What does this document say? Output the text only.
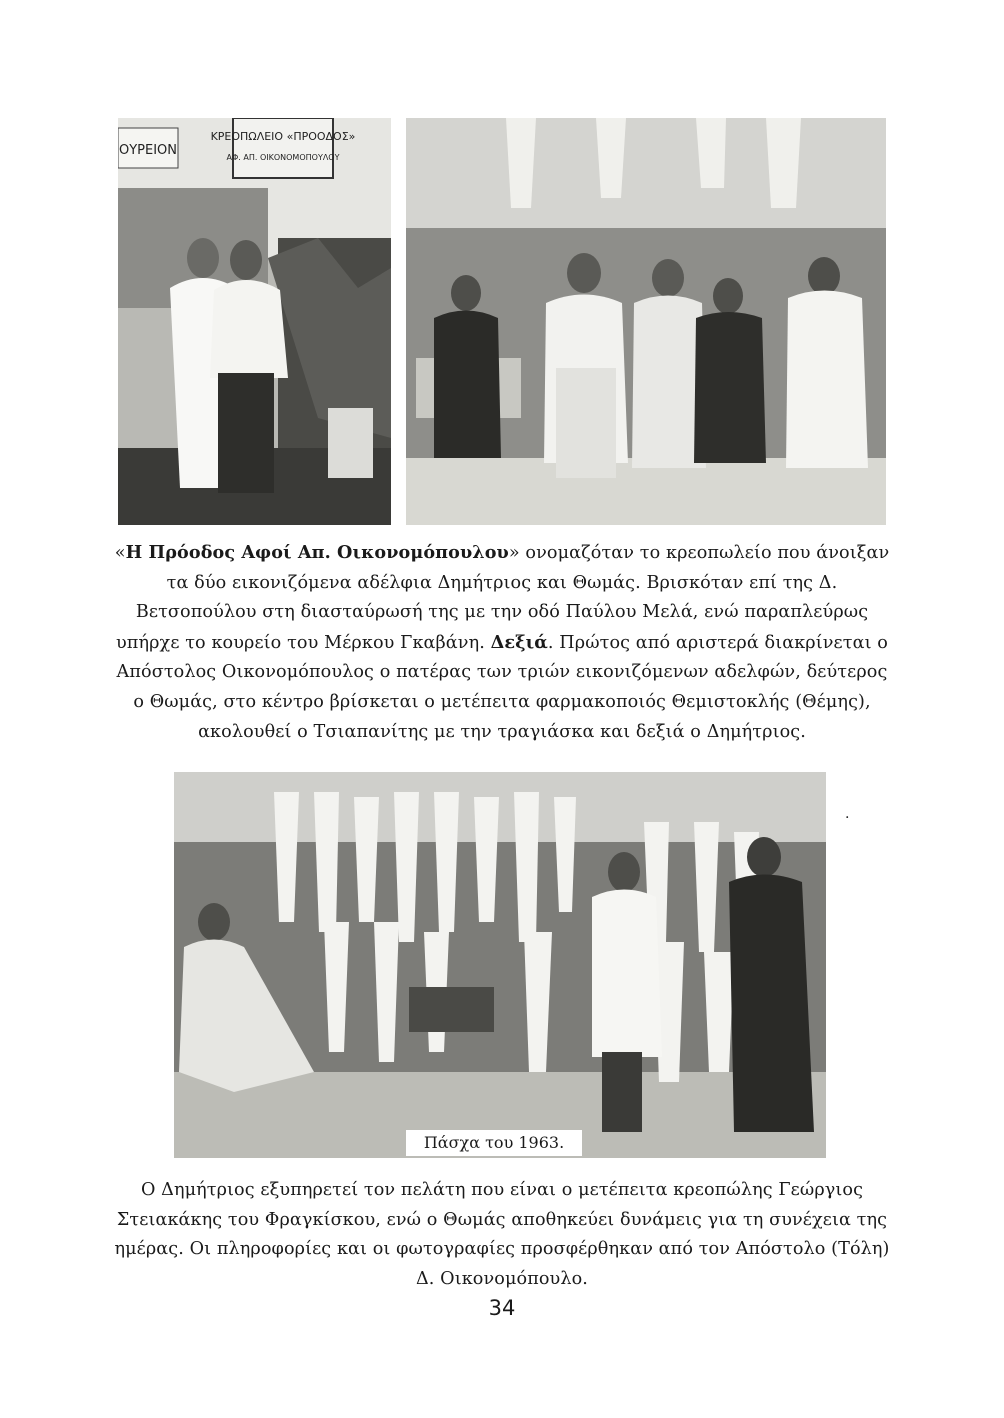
ΚΡΕΟΠΩΛΕΙΟ «ΠΡΟΟΔΟΣ»
ΑΦ. ΑΠ. ΟΙΚΟΝΟΜΟΠΟΥΛΟΥ
ΟΥΡΕΙΟΝ
«Η Πρόοδος Αφοί Απ. Οικονομόπουλου» ονομαζόταν το κρεοπωλείο που άνοιξαν τα δύο εικονιζόμενα αδέλφια Δημήτριος και Θωμάς. Βρισκόταν επί της Δ. Βετσοπούλου στη διασταύρωσή της με την οδό Παύλου Μελά, ενώ παραπλεύρως υπήρχε το κουρείο του Μέρκου Γκαβάνη. Δεξιά. Πρώτος από αριστερά διακρίνεται ο Απόστολος Οικονομόπουλος ο πατέρας των τριών εικονιζόμενων αδελφών, δεύτερος ο Θωμάς, στο κέντρο βρίσκεται ο μετέπειτα φαρμακοποιός Θεμιστοκλής (Θέμης), ακολουθεί ο Τσιαπανίτης με την τραγιάσκα και δεξιά ο Δημήτριος.
Πάσχα του 1963.
.
Ο Δημήτριος εξυπηρετεί τον πελάτη που είναι ο μετέπειτα κρεοπώλης Γεώργιος Στειακάκης του Φραγκίσκου, ενώ ο Θωμάς αποθηκεύει δυνάμεις για τη συνέχεια της ημέρας. Οι πληροφορίες και οι φωτογραφίες προσφέρθηκαν από τον Απόστολο (Τόλη) Δ. Οικονομόπουλο.
34
